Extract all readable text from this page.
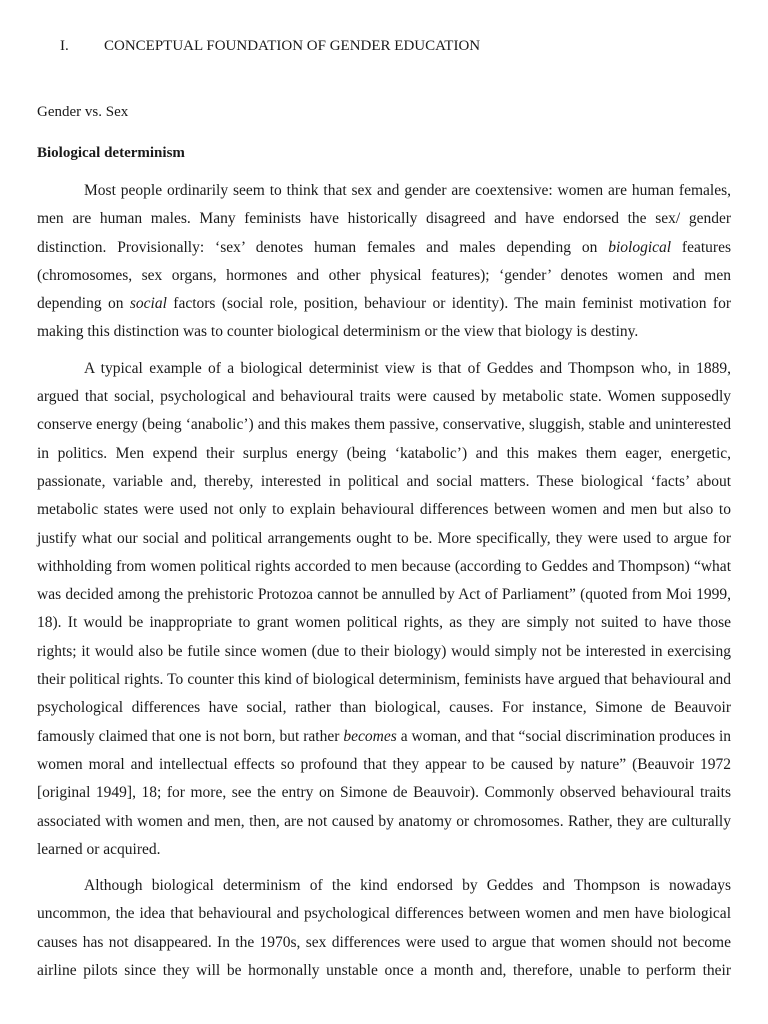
I. CONCEPTUAL FOUNDATION OF GENDER EDUCATION
Gender vs. Sex
Biological determinism

Most people ordinarily seem to think that sex and gender are coextensive: women are human females, men are human males. Many feminists have historically disagreed and have endorsed the sex/ gender distinction. Provisionally: ‘sex’ denotes human females and males depending on biological features (chromosomes, sex organs, hormones and other physical features); ‘gender’ denotes women and men depending on social factors (social role, position, behaviour or identity). The main feminist motivation for making this distinction was to counter biological determinism or the view that biology is destiny.

A typical example of a biological determinist view is that of Geddes and Thompson who, in 1889, argued that social, psychological and behavioural traits were caused by metabolic state. Women supposedly conserve energy (being ‘anabolic’) and this makes them passive, conservative, sluggish, stable and uninterested in politics. Men expend their surplus energy (being ‘katabolic’) and this makes them eager, energetic, passionate, variable and, thereby, interested in political and social matters. These biological ‘facts’ about metabolic states were used not only to explain behavioural differences between women and men but also to justify what our social and political arrangements ought to be. More specifically, they were used to argue for withholding from women political rights accorded to men because (according to Geddes and Thompson) “what was decided among the prehistoric Protozoa cannot be annulled by Act of Parliament” (quoted from Moi 1999, 18). It would be inappropriate to grant women political rights, as they are simply not suited to have those rights; it would also be futile since women (due to their biology) would simply not be interested in exercising their political rights. To counter this kind of biological determinism, feminists have argued that behavioural and psychological differences have social, rather than biological, causes. For instance, Simone de Beauvoir famously claimed that one is not born, but rather becomes a woman, and that “social discrimination produces in women moral and intellectual effects so profound that they appear to be caused by nature” (Beauvoir 1972 [original 1949], 18; for more, see the entry on Simone de Beauvoir). Commonly observed behavioural traits associated with women and men, then, are not caused by anatomy or chromosomes. Rather, they are culturally learned or acquired.

Although biological determinism of the kind endorsed by Geddes and Thompson is nowadays uncommon, the idea that behavioural and psychological differences between women and men have biological causes has not disappeared. In the 1970s, sex differences were used to argue that women should not become airline pilots since they will be hormonally unstable once a month and, therefore, unable to perform their
